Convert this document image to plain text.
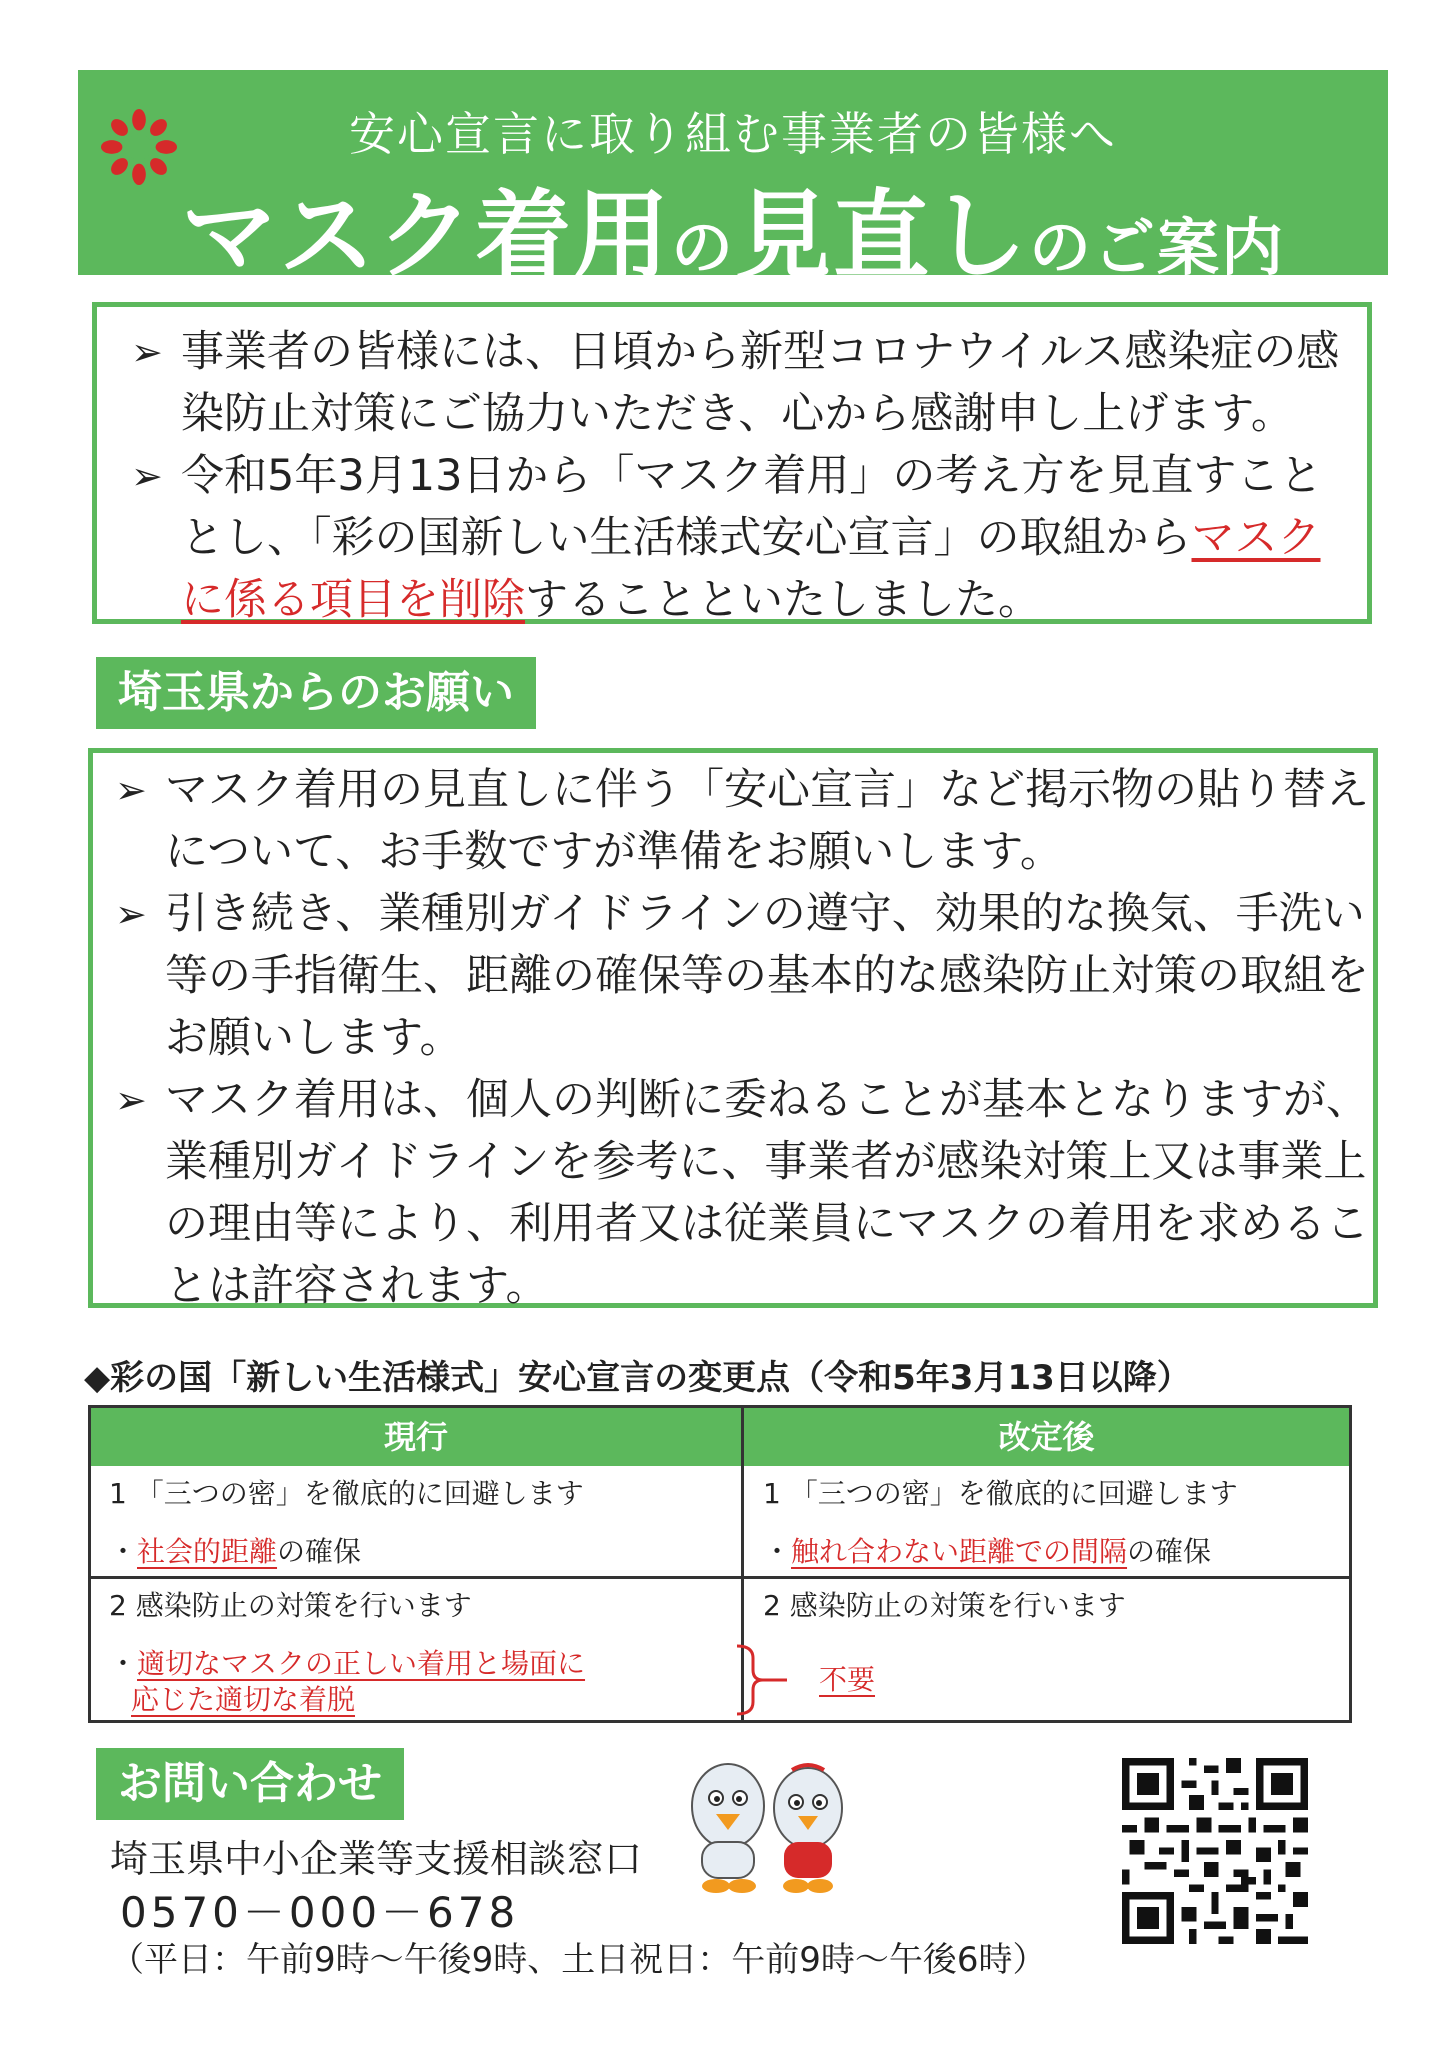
安心宣言に取り組む事業者の皆様へ
マスク着用の見直しのご案内
➢ 事業者の皆様には、日頃から新型コロナウイルス感染症の感染防止対策にご協力いただき、心から感謝申し上げます。
➢ 令和5年3月13日から「マスク着用」の考え方を見直すこととし、「彩の国新しい生活様式安心宣言」の取組からマスクに係る項目を削除することといたしました。
埼玉県からのお願い
➢ マスク着用の見直しに伴う「安心宣言」など掲示物の貼り替えについて、お手数ですが準備をお願いします。
➢ 引き続き、業種別ガイドラインの遵守、効果的な換気、手洗い等の手指衛生、距離の確保等の基本的な感染防止対策の取組をお願いします。
➢ マスク着用は、個人の判断に委ねることが基本となりますが、業種別ガイドラインを参考に、事業者が感染対策上又は事業上の理由等により、利用者又は従業員にマスクの着用を求めることは許容されます。
◆彩の国「新しい生活様式」安心宣言の変更点（令和5年3月13日以降）
現行	改定後
1 「三つの密」を徹底的に回避します
・社会的距離の確保
1 「三つの密」を徹底的に回避します
・触れ合わない距離での間隔の確保
2 感染防止の対策を行います
・適切なマスクの正しい着用と場面に
応じた適切な着脱
2 感染防止の対策を行います
不要
お問い合わせ
埼玉県中小企業等支援相談窓口
0570－000－678
（平日：午前9時～午後9時、土日祝日：午前9時～午後6時）
